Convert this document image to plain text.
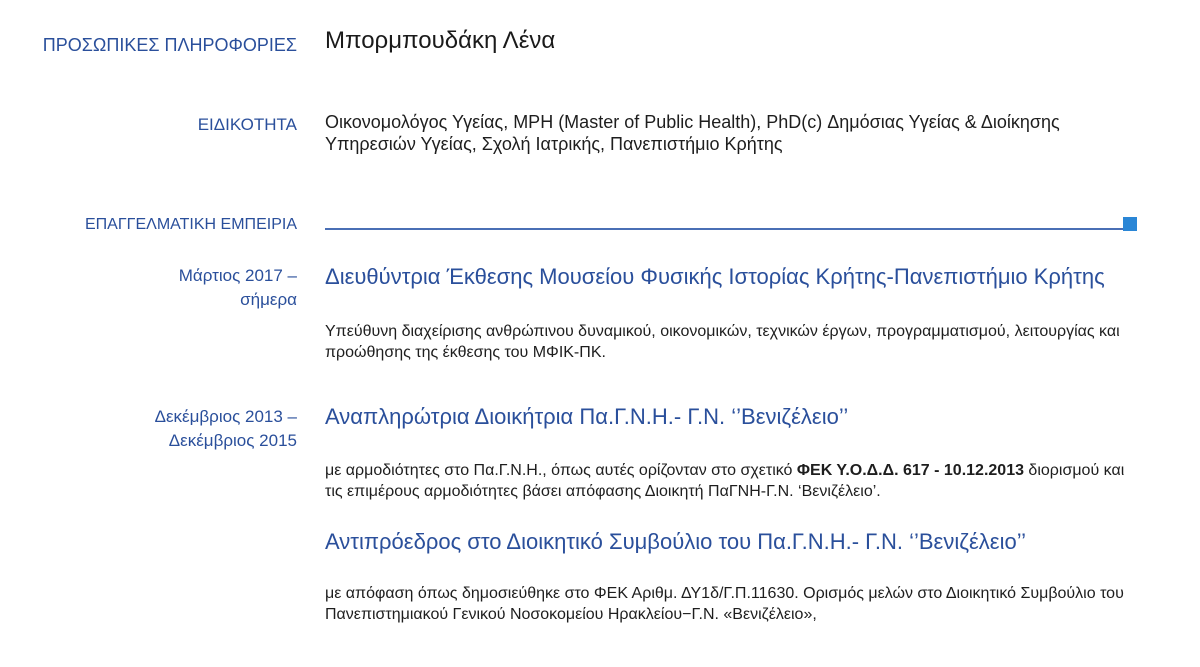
ΠΡΟΣΩΠΙΚΕΣ ΠΛΗΡΟΦΟΡΙΕΣ Μπορμπουδάκη Λένα
ΕΙΔΙΚΟΤΗΤΑ Οικονομολόγος Υγείας, MPH (Master of Public Health), PhD(c) Δημόσιας Υγείας & Διοίκησης Υπηρεσιών Υγείας, Σχολή Ιατρικής, Πανεπιστήμιο Κρήτης
ΕΠΑΓΓΕΛΜΑΤΙΚΗ ΕΜΠΕΙΡΙΑ
Μάρτιος 2017 –
σήμερα
Διευθύντρια Έκθεσης Μουσείου Φυσικής Ιστορίας Κρήτης-Πανεπιστήμιο Κρήτης
Υπεύθυνη διαχείρισης ανθρώπινου δυναμικού, οικονομικών, τεχνικών έργων, προγραμματισμού, λειτουργίας και προώθησης της έκθεσης του ΜΦΙΚ-ΠΚ.
Δεκέμβριος 2013 –
Δεκέμβριος 2015
Αναπληρώτρια Διοικήτρια Πα.Γ.Ν.Η.- Γ.Ν. ‘’Βενιζέλειο’’
με αρμοδιότητες στο Πα.Γ.Ν.Η., όπως αυτές ορίζονταν στο σχετικό ΦΕΚ Υ.Ο.Δ.Δ. 617 - 10.12.2013 διορισμού και τις επιμέρους αρμοδιότητες βάσει απόφασης Διοικητή ΠαΓΝΗ-Γ.Ν. ‘Βενιζέλειο’.
Αντιπρόεδρος στο Διοικητικό Συμβούλιο του Πα.Γ.Ν.Η.- Γ.Ν. ‘’Βενιζέλειο’’
με απόφαση όπως δημοσιεύθηκε στο ΦΕΚ Αριθμ. ΔΥ1δ/Γ.Π.11630. Ορισμός μελών στο Διοικητικό Συμβούλιο του Πανεπιστημιακού Γενικού Νοσοκομείου Ηρακλείου−Γ.Ν. «Βενιζέλειο»,
